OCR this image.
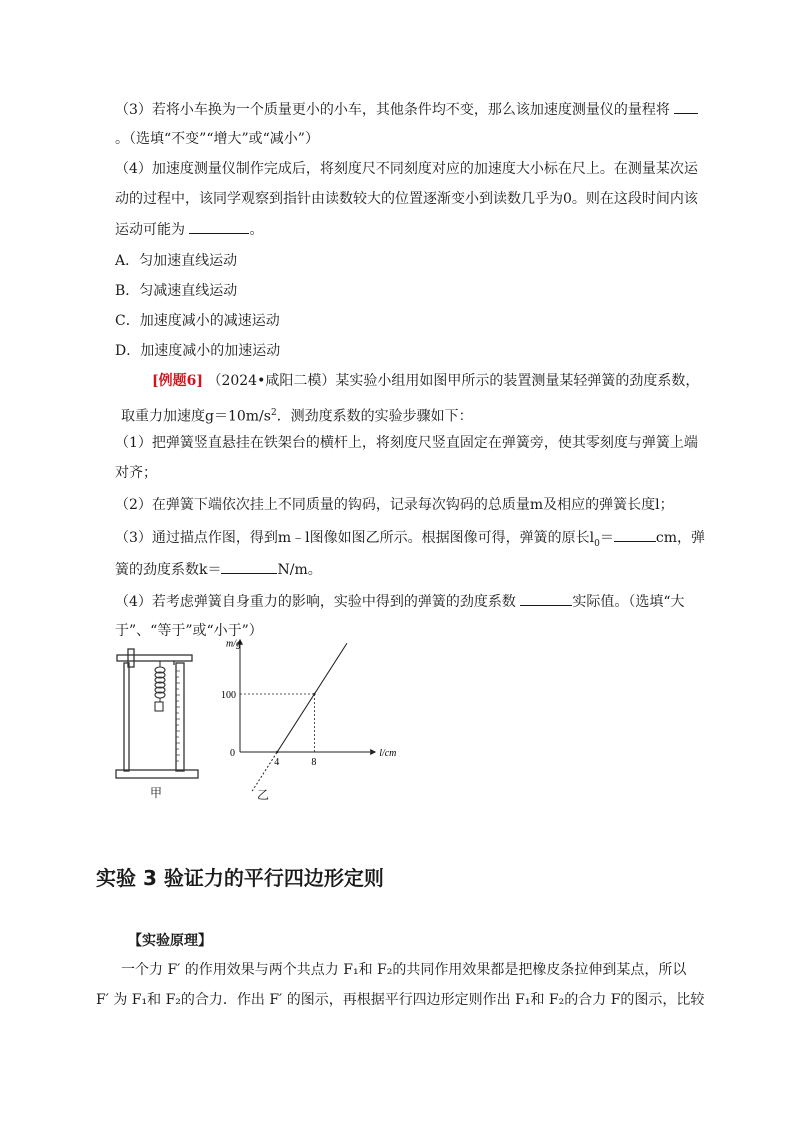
（3）若将小车换为一个质量更小的小车，其他条件均不变，那么该加速度测量仪的量程将
。（选填“不变”“增大”或“减小”）
（4）加速度测量仪制作完成后，将刻度尺不同刻度对应的加速度大小标在尺上。在测量某次运
动的过程中，该同学观察到指针由读数较大的位置逐渐变小到读数几乎为0。则在这段时间内该
运动可能为	。
A．匀加速直线运动
B．匀减速直线运动
C．加速度减小的减速运动
D．加速度减小的加速运动
[例题6] （2024•咸阳二模）某实验小组用如图甲所示的装置测量某轻弹簧的劲度系数，
取重力加速度$g=10m/s^2$．测劲度系数的实验步骤如下：
（1）把弹簧竖直悬挂在铁架台的横杆上，将刻度尺竖直固定在弹簧旁，使其零刻度与弹簧上端
对齐；
（2）在弹簧下端依次挂上不同质量的钩码，记录每次钩码的总质量m及相应的弹簧长度l；
（3）通过描点作图，得到m﹣l图像如图乙所示。根据图像可得，弹簧的原长$l_0=$	cm，弹
簧的劲度系数k＝	N/m。
（4）若考虑弹簧自身重力的影响，实验中得到的弹簧的劲度系数	实际值。（选填“大
于”、“等于”或“小于”）
甲
m/g
l/cm
0
100
4	8
乙
实验 3 验证力的平行四边形定则
【实验原理】
一个力 F′ 的作用效果与两个共点力 F₁和 F₂的共同作用效果都是把橡皮条拉伸到某点，所以
F′ 为 F₁和 F₂的合力．作出 F′ 的图示，再根据平行四边形定则作出 F₁和 F₂的合力 F的图示，比较
